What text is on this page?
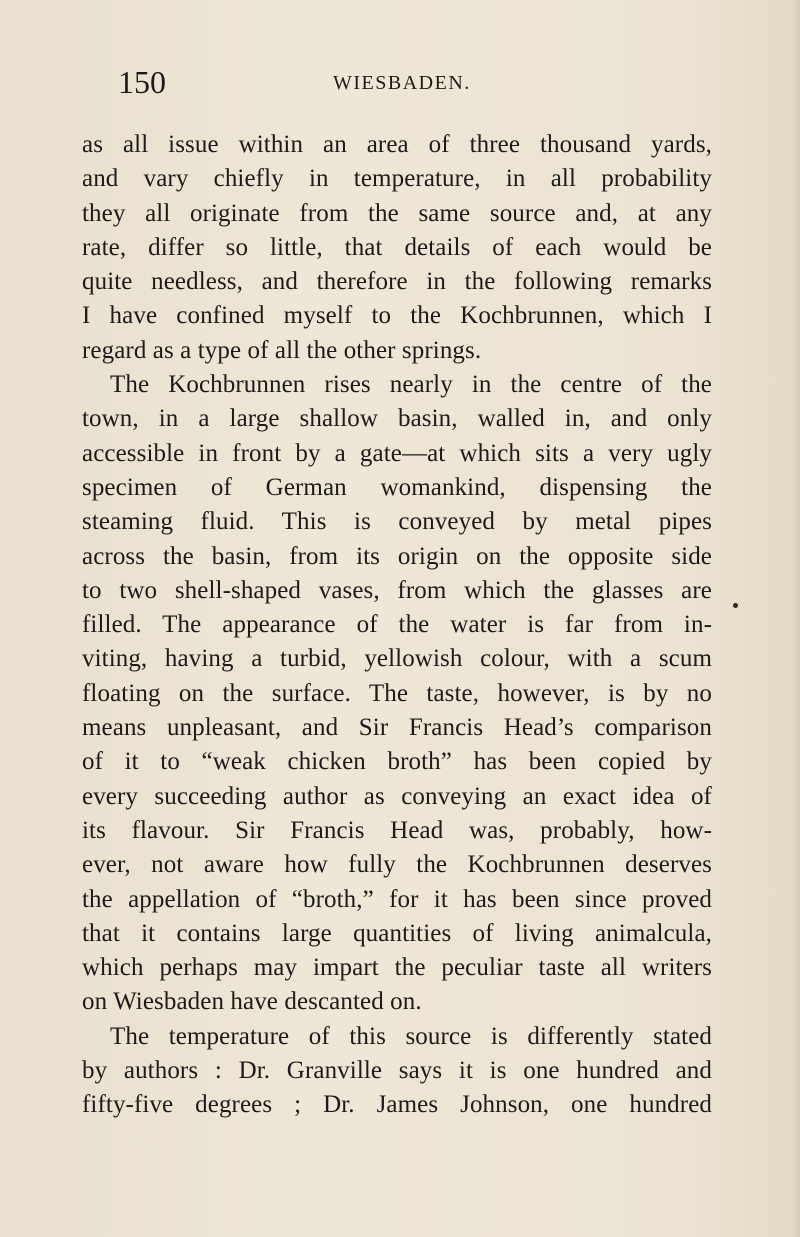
150	WIESBADEN.
as all issue within an area of three thousand yards,
and vary chiefly in temperature, in all probability
they all originate from the same source and, at any
rate, differ so little, that details of each would be
quite needless, and therefore in the following remarks
I have confined myself to the Kochbrunnen, which I
regard as a type of all the other springs.
The Kochbrunnen rises nearly in the centre of the
town, in a large shallow basin, walled in, and only
accessible in front by a gate—at which sits a very ugly
specimen of German womankind, dispensing the
steaming fluid. This is conveyed by metal pipes
across the basin, from its origin on the opposite side
to two shell-shaped vases, from which the glasses are
filled. The appearance of the water is far from in-
viting, having a turbid, yellowish colour, with a scum
floating on the surface. The taste, however, is by no
means unpleasant, and Sir Francis Head’s comparison
of it to “weak chicken broth” has been copied by
every succeeding author as conveying an exact idea of
its flavour. Sir Francis Head was, probably, how-
ever, not aware how fully the Kochbrunnen deserves
the appellation of “broth,” for it has been since proved
that it contains large quantities of living animalcula,
which perhaps may impart the peculiar taste all writers
on Wiesbaden have descanted on.
The temperature of this source is differently stated
by authors : Dr. Granville says it is one hundred and
fifty-five degrees ; Dr. James Johnson, one hundred
